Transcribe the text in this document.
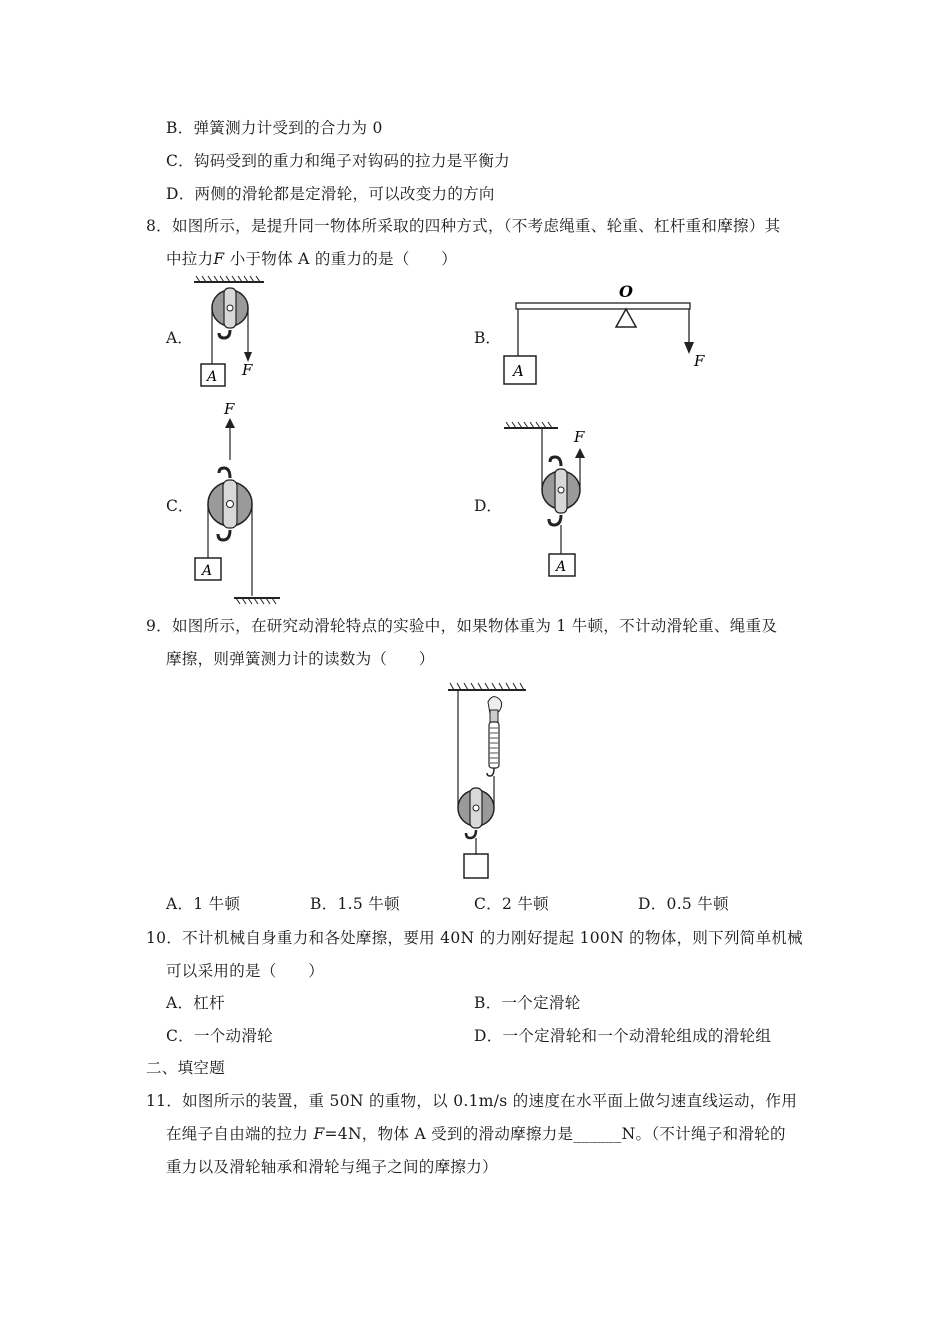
B．弹簧测力计受到的合力为 0
C．钩码受到的重力和绳子对钩码的拉力是平衡力
D．两侧的滑轮都是定滑轮，可以改变力的方向
8．如图所示，是提升同一物体所采取的四种方式，（不考虑绳重、轮重、杠杆重和摩擦）其
中拉力F 小于物体 A 的重力的是（　　）
A．	B．
C．	D．
A F
O
A
F
F
A
F
A
9．如图所示，在研究动滑轮特点的实验中，如果物体重为 1 牛顿，不计动滑轮重、绳重及
摩擦，则弹簧测力计的读数为（　　）
A．1 牛顿	B．1.5 牛顿	C．2 牛顿	D．0.5 牛顿
10．不计机械自身重力和各处摩擦，要用 40N 的力刚好提起 100N 的物体，则下列简单机械
可以采用的是（　　）
A．杠杆	B．一个定滑轮
C．一个动滑轮	D．一个定滑轮和一个动滑轮组成的滑轮组
二、填空题
11．如图所示的装置，重 50N 的重物，以 0.1m/s 的速度在水平面上做匀速直线运动，作用
在绳子自由端的拉力 F=4N，物体 A 受到的滑动摩擦力是______N。（不计绳子和滑轮的
重力以及滑轮轴承和滑轮与绳子之间的摩擦力）
